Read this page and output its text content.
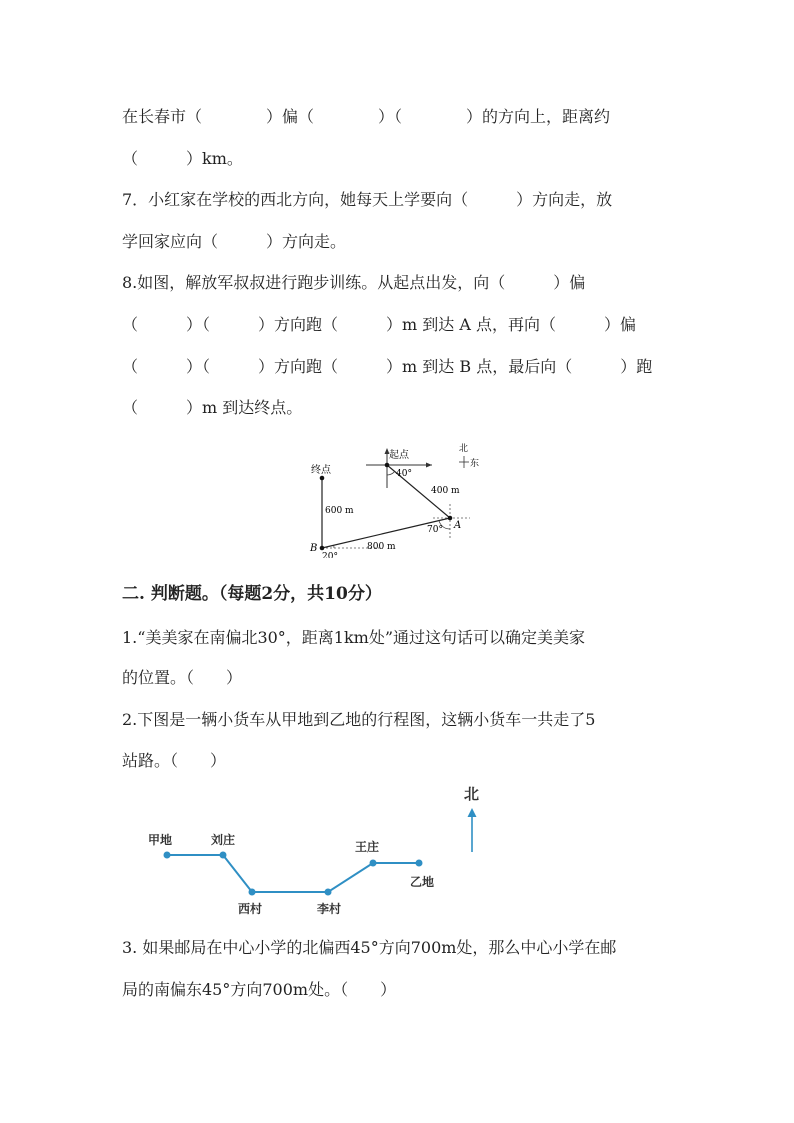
在长春市（　　　　）偏（　　　　）（　　　　）的方向上，距离约
（　　　）km。
7．小红家在学校的西北方向，她每天上学要向（　　　）方向走，放
学回家应向（　　　）方向走。
8.如图，解放军叔叔进行跑步训练。从起点出发，向（　　　）偏
（　　　）（　　　）方向跑（　　　）m 到达 A 点，再向（　　　）偏
（　　　）（　　　）方向跑（　　　）m 到达 B 点，最后向（　　　）跑
（　　　）m 到达终点。
终点
起点
北
东
40°
400 m
70° A
600 m
800 m
B
20°
二. 判断题。（每题2分，共10分）
1.“美美家在南偏北30°，距离1km处”通过这句话可以确定美美家
的位置。（　　）
2.下图是一辆小货车从甲地到乙地的行程图，这辆小货车一共走了5
站路。（　　）
北
甲地	刘庄
西村	李村
王庄
乙地
3. 如果邮局在中心小学的北偏西45°方向700m处，那么中心小学在邮
局的南偏东45°方向700m处。（　　）
